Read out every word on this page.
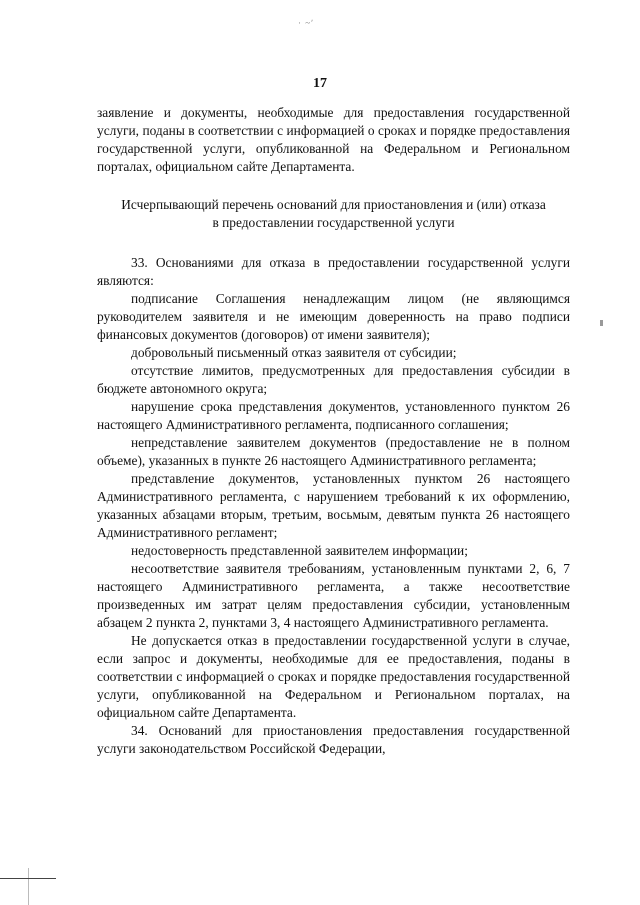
· ~ʹ
17

заявление и документы, необходимые для предоставления государственной услуги, поданы в соответствии с информацией о сроках и порядке предоставления государственной услуги, опубликованной на Федеральном и Региональном порталах, официальном сайте Департамента.

Исчерпывающий перечень оснований для приостановления и (или) отказа
в предоставлении государственной услуги

33. Основаниями для отказа в предоставлении государственной услуги являются:

подписание Соглашения ненадлежащим лицом (не являющимся руководителем заявителя и не имеющим доверенность на право подписи финансовых документов (договоров) от имени заявителя);

добровольный письменный отказ заявителя от субсидии;

отсутствие лимитов, предусмотренных для предоставления субсидии в бюджете автономного округа;

нарушение срока представления документов, установленного пунктом 26 настоящего Административного регламента, подписанного соглашения;

непредставление заявителем документов (предоставление не в полном объеме), указанных в пункте 26 настоящего Административного регламента;

представление документов, установленных пунктом 26 настоящего Административного регламента, с нарушением требований к их оформлению, указанных абзацами вторым, третьим, восьмым, девятым пункта 26 настоящего Административного регламент;

недостоверность представленной заявителем информации;

несоответствие заявителя требованиям, установленным пунктами 2, 6, 7 настоящего Административного регламента, а также несоответствие произведенных им затрат целям предоставления субсидии, установленным абзацем 2 пункта 2, пунктами 3, 4 настоящего Административного регламента.

Не допускается отказ в предоставлении государственной услуги в случае, если запрос и документы, необходимые для ее предоставления, поданы в соответствии с информацией о сроках и порядке предоставления государственной услуги, опубликованной на Федеральном и Региональном порталах, на официальном сайте Департамента.

34. Оснований для приостановления предоставления государственной услуги законодательством Российской Федерации,
